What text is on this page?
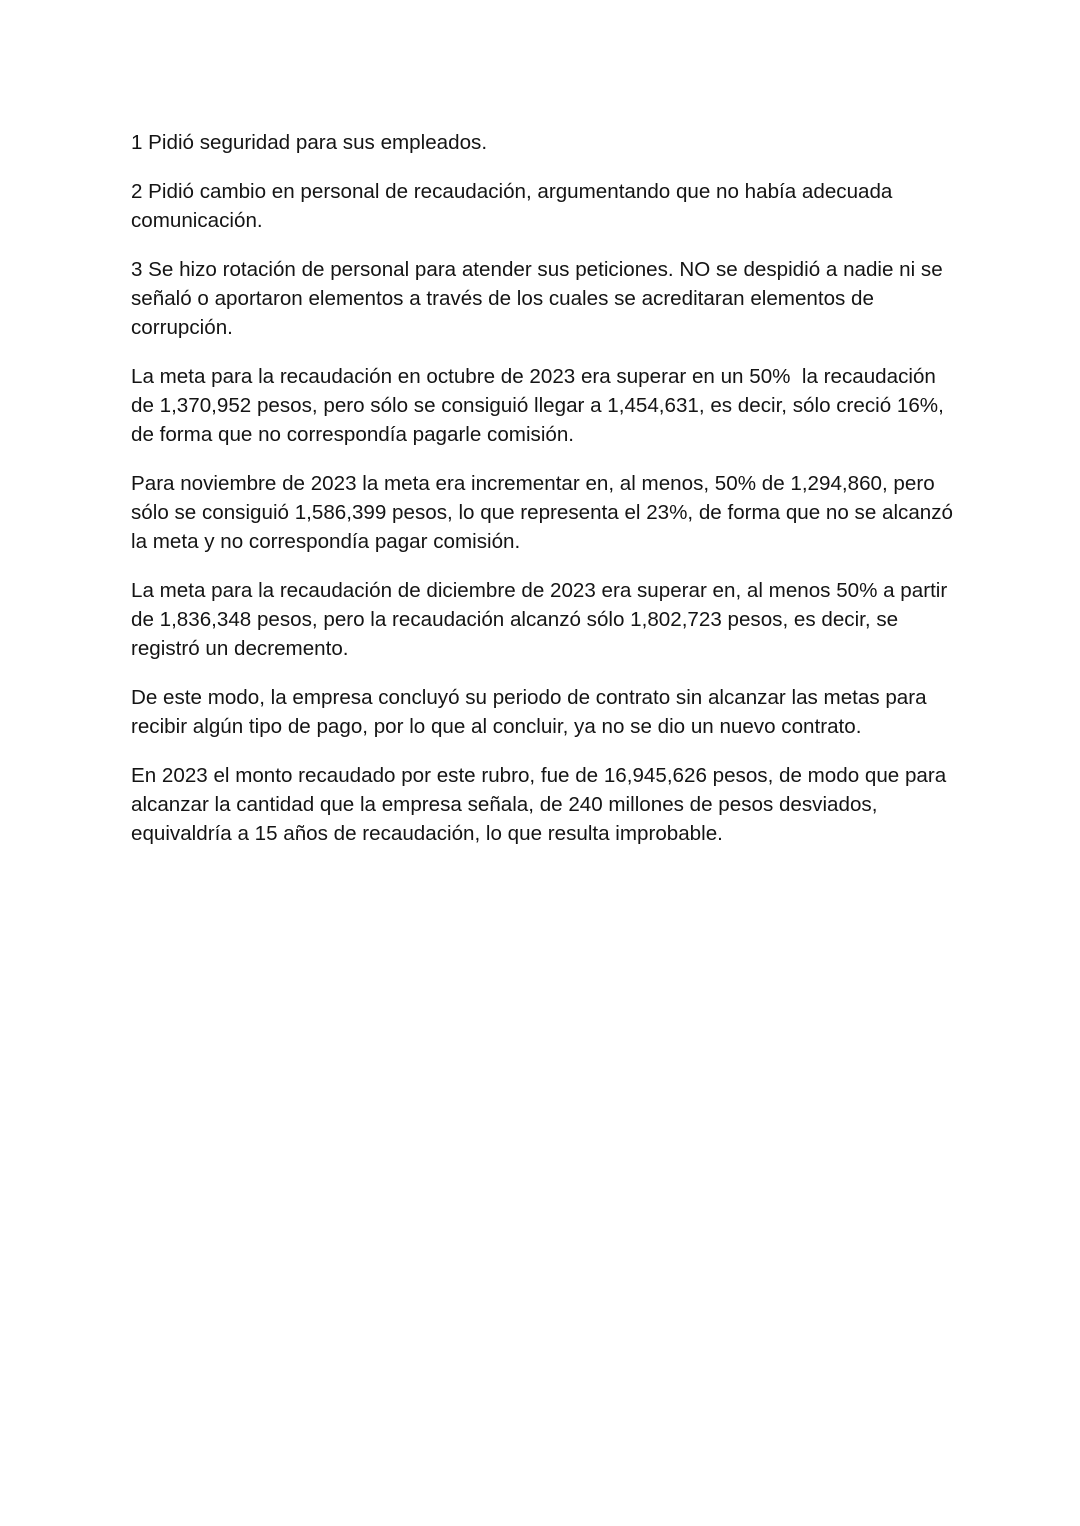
1 Pidió seguridad para sus empleados.

2 Pidió cambio en personal de recaudación, argumentando que no había adecuada comunicación.

3 Se hizo rotación de personal para atender sus peticiones. NO se despidió a nadie ni se señaló o aportaron elementos a través de los cuales se acreditaran elementos de corrupción.

La meta para la recaudación en octubre de 2023 era superar en un 50%  la recaudación de 1,370,952 pesos, pero sólo se consiguió llegar a 1,454,631, es decir, sólo creció 16%, de forma que no correspondía pagarle comisión.

Para noviembre de 2023 la meta era incrementar en, al menos, 50% de 1,294,860, pero sólo se consiguió 1,586,399 pesos, lo que representa el 23%, de forma que no se alcanzó la meta y no correspondía pagar comisión.

La meta para la recaudación de diciembre de 2023 era superar en, al menos 50% a partir de 1,836,348 pesos, pero la recaudación alcanzó sólo 1,802,723 pesos, es decir, se registró un decremento.

De este modo, la empresa concluyó su periodo de contrato sin alcanzar las metas para recibir algún tipo de pago, por lo que al concluir, ya no se dio un nuevo contrato.

En 2023 el monto recaudado por este rubro, fue de 16,945,626 pesos, de modo que para alcanzar la cantidad que la empresa señala, de 240 millones de pesos desviados, equivaldría a 15 años de recaudación, lo que resulta improbable.
